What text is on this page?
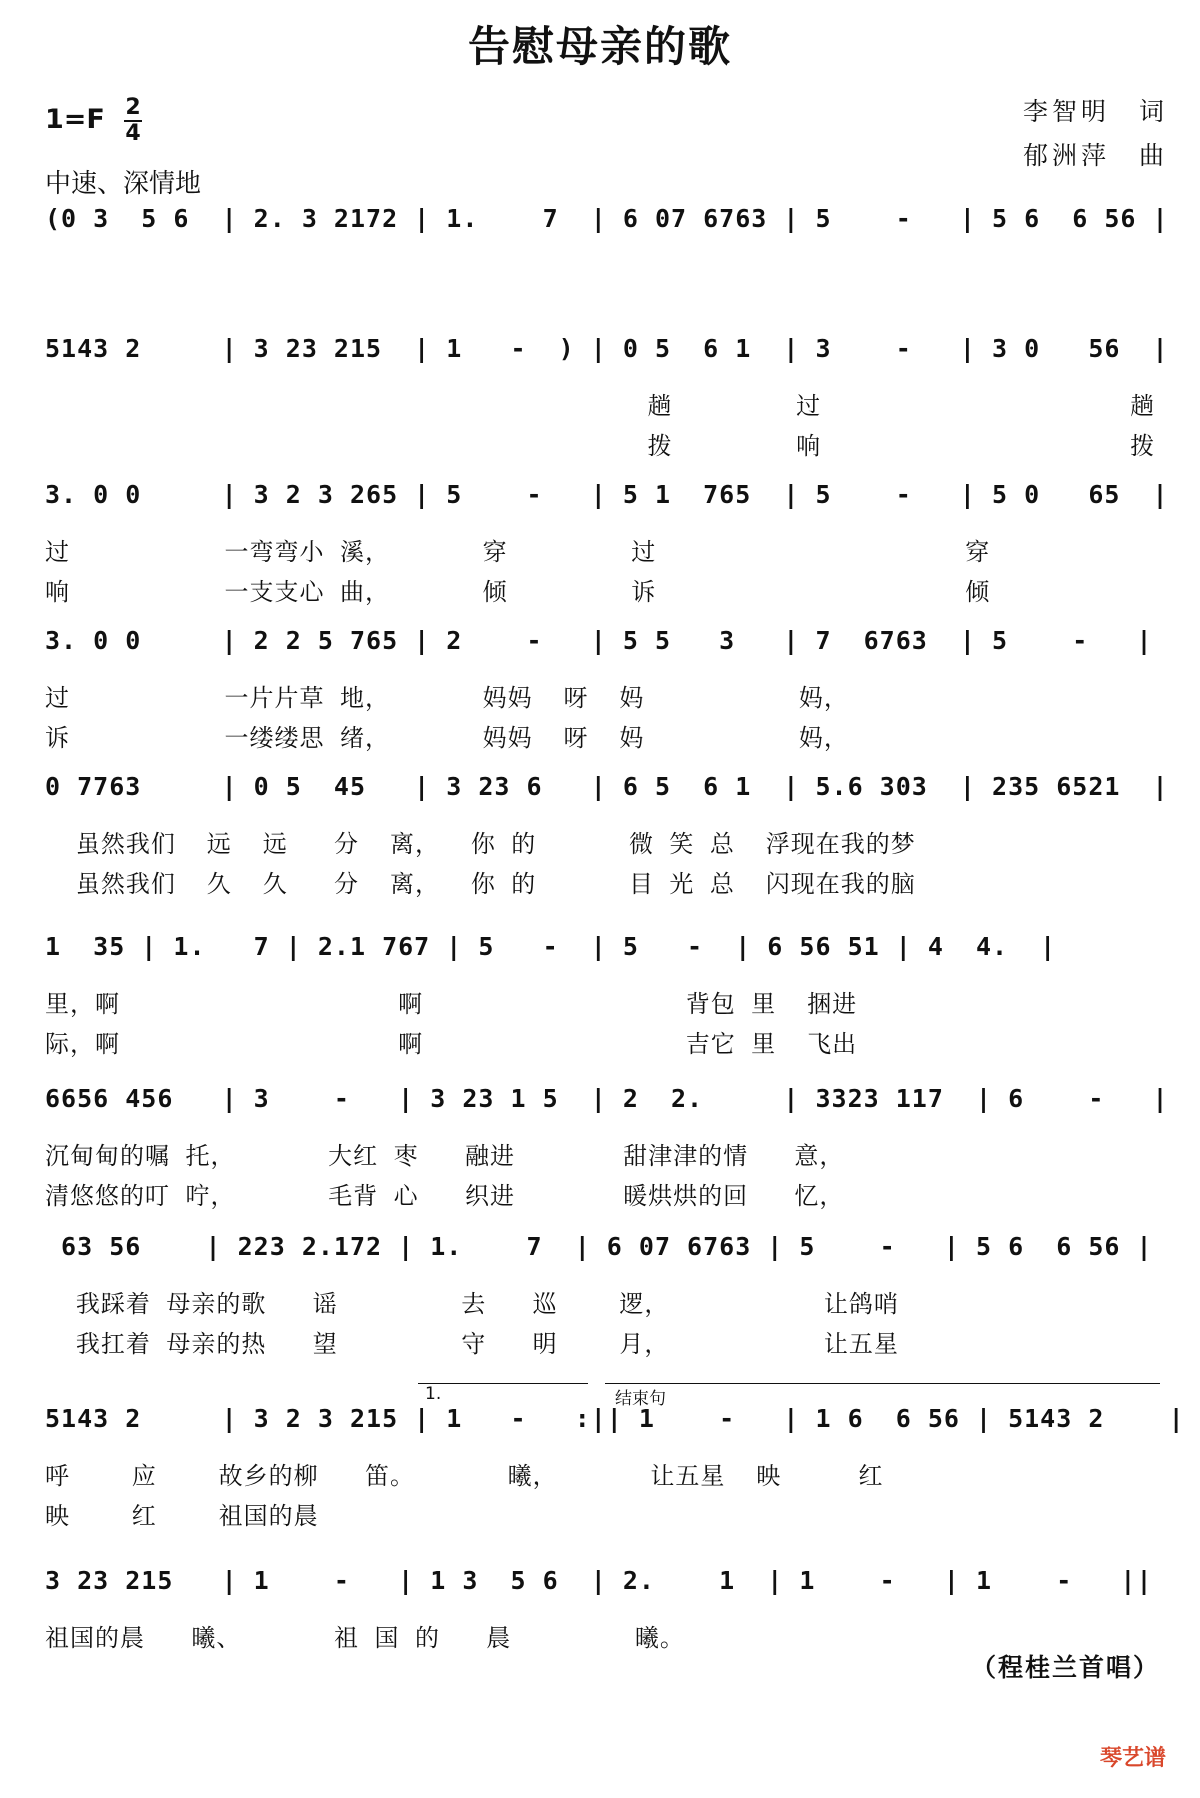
告慰母亲的歌
1=F 2
4
中速、深情地
李智明　词
郁洲萍　曲
(0 3  5 6  | 2. 3 2172 | 1.    7  | 6 07 6763 | 5    -   | 5 6  6 56 |
5143 2     | 3 23 215  | 1   -  ) | 0 5  6 1  | 3    -   | 3 0   56  |
趟        过                    趟
拨        响                    拨
3. 0 0     | 3 2 3 265 | 5    -   | 5 1  765  | 5    -   | 5 0   65  |
过          一弯弯小 溪，      穿        过                    穿
响          一支支心 曲，      倾        诉                    倾
3. 0 0     | 2 2 5 765 | 2    -   | 5 5   3   | 7  6763  | 5    -   |
过          一片片草 地，      妈妈  呀  妈          妈，
诉          一缕缕思 绪，      妈妈  呀  妈          妈，
0 7763     | 0 5  45   | 3 23 6   | 6 5  6 1  | 5.6 303  | 235 6521  |
虽然我们  远  远   分  离，  你 的      微 笑 总  浮现在我的梦
虽然我们  久  久   分  离，  你 的      目 光 总  闪现在我的脑
1  35 | 1.   7 | 2.1 767 | 5   -  | 5   -  | 6 56 51 | 4  4.  |
里，啊                  啊                 背包 里  捆进
际，啊                  啊                 吉它 里  飞出
6656 456   | 3    -   | 3 23 1 5  | 2  2.     | 3323 117  | 6    -   |
沉甸甸的嘱 托，      大红 枣   融进       甜津津的情   意，
清悠悠的叮 咛，      毛背 心   织进       暖烘烘的回   忆，
63 56    | 223 2.172 | 1.    7  | 6 07 6763 | 5    -   | 5 6  6 56 |
我踩着 母亲的歌   谣        去   巡    逻，          让鸽哨
我扛着 母亲的热   望        守   明    月，          让五星
5143 2     | 3 2 3 215 | 1   -   :|| 1    -   | 1 6  6 56 | 5143 2    |
呼    应    故乡的柳   笛。      曦，      让五星  映     红
映    红    祖国的晨
3 23 215   | 1    -   | 1 3  5 6  | 2.    1  | 1    -   | 1    -   ||
祖国的晨   曦、      祖 国 的   晨        曦。
1.	结束句
（程桂兰首唱）
琴艺谱
